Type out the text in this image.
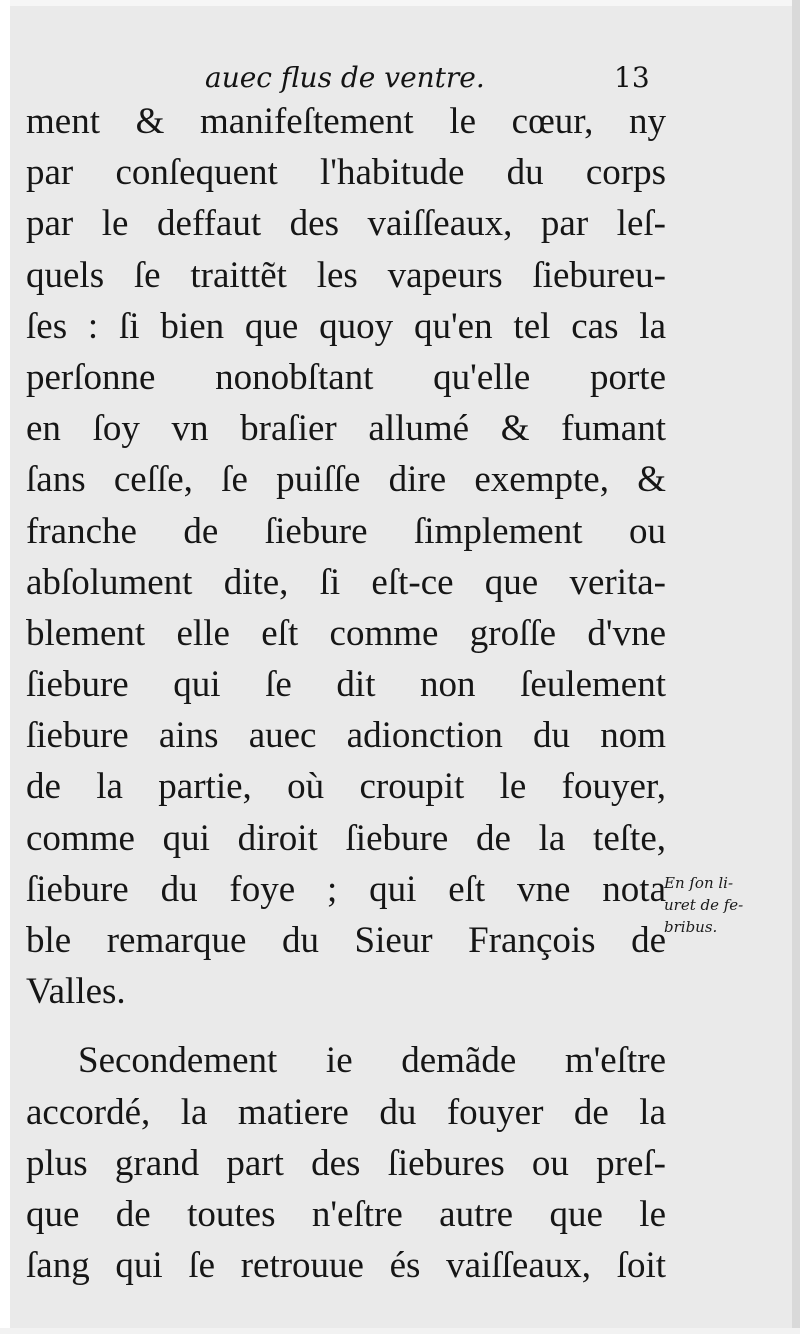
auec flus de ventre.	13
ment & manifeſtement le cœur, ny
par conſequent l'habitude du corps
par le deffaut des vaiſſeaux, par leſ-
quels ſe traittẽt les vapeurs ſiebureu-
ſes : ſi bien que quoy qu'en tel cas la
perſonne nonobſtant qu'elle porte
en ſoy vn braſier allumé & fumant
ſans ceſſe, ſe puiſſe dire exempte, &
franche de ſiebure ſimplement ou
abſolument dite, ſi eſt-ce que verita-
blement elle eſt comme groſſe d'vne
ſiebure qui ſe dit non ſeulement
ſiebure ains auec adionction du nom
de la partie, où croupit le fouyer,
comme qui diroit ſiebure de la teſte,
ſiebure du foye ; qui eſt vne nota
ble remarque du Sieur François de
Valles.
Secondement ie demãde m'eſtre
accordé, la matiere du fouyer de la
plus grand part des ſiebures ou preſ-
que de toutes n'eſtre autre que le
ſang qui ſe retrouue és vaiſſeaux, ſoit
En ſon li-
uret de fe-
bribus.
